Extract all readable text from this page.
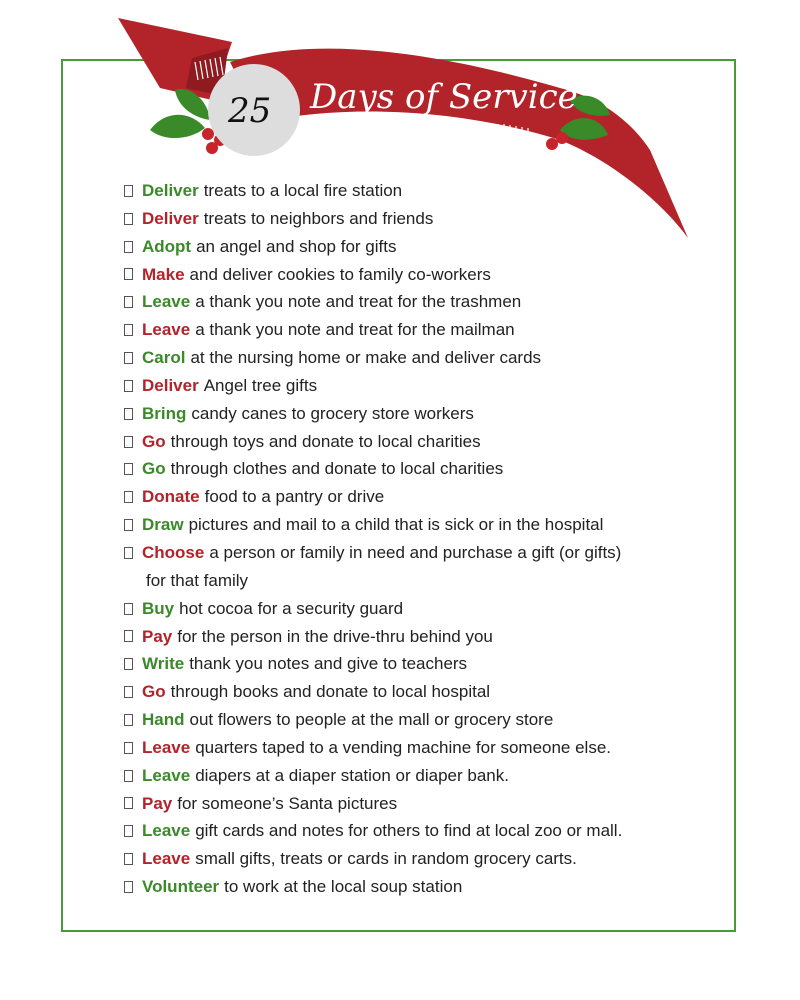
25 Days of Service
Deliver treats to a local fire station
Deliver treats to neighbors and friends
Adopt an angel and shop for gifts
Make and deliver cookies to family co-workers
Leave a thank you note and treat for the trashmen
Leave a thank you note and treat for the mailman
Carol at the nursing home or make and deliver cards
Deliver Angel tree gifts
Bring candy canes to grocery store workers
Go through toys and donate to local charities
Go through clothes and donate to local charities
Donate food to a pantry or drive
Draw pictures and mail to a child that is sick or in the hospital
Choose a person or family in need and purchase a gift (or gifts)
for that family
Buy hot cocoa for a security guard
Pay for the person in the drive-thru behind you
Write thank you notes and give to teachers
Go through books and donate to local hospital
Hand out flowers to people at the mall or grocery store
Leave quarters taped to a vending machine for someone else.
Leave diapers at a diaper station or diaper bank.
Pay for someone’s Santa pictures
Leave gift cards and notes for others to find at local zoo or mall.
Leave small gifts, treats or cards in random grocery carts.
Volunteer to work at the local soup station
